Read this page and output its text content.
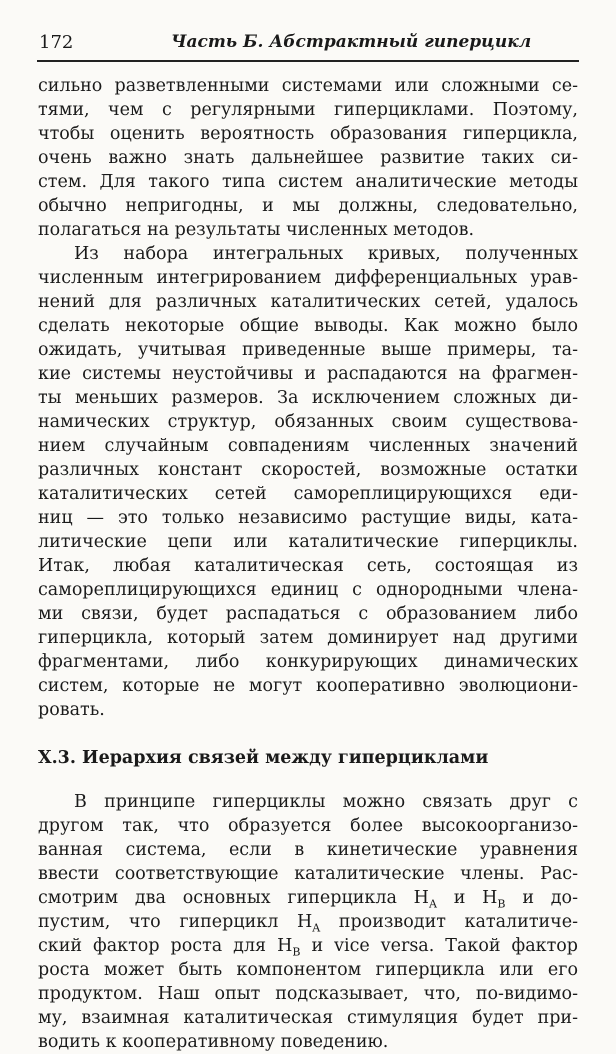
172	Часть Б. Абстрактный гиперцикл
сильно разветвленными системами или сложными се-
тями, чем с регулярными гиперциклами. Поэтому,
чтобы оценить вероятность образования гиперцикла,
очень важно знать дальнейшее развитие таких си-
стем. Для такого типа систем аналитические методы
обычно непригодны, и мы должны, следовательно,
полагаться на результаты численных методов.
Из набора интегральных кривых, полученных
численным интегрированием дифференциальных урав-
нений для различных каталитических сетей, удалось
сделать некоторые общие выводы. Как можно было
ожидать, учитывая приведенные выше примеры, та-
кие системы неустойчивы и распадаются на фрагмен-
ты меньших размеров. За исключением сложных ди-
намических структур, обязанных своим существова-
нием случайным совпадениям численных значений
различных констант скоростей, возможные остатки
каталитических сетей самореплицирующихся еди-
ниц — это только независимо растущие виды, ката-
литические цепи или каталитические гиперциклы.
Итак, любая каталитическая сеть, состоящая из
самореплицирующихся единиц с однородными члена-
ми связи, будет распадаться с образованием либо
гиперцикла, который затем доминирует над другими
фрагментами, либо конкурирующих динамических
систем, которые не могут кооперативно эволюциони-
ровать.
X.3. Иерархия связей между гиперциклами
В принципе гиперциклы можно связать друг с
другом так, что образуется более высокоорганизо-
ванная система, если в кинетические уравнения
ввести соответствующие каталитические члены. Рас-
смотрим два основных гиперцикла $H_A$ и $H_B$ и до-
пустим, что гиперцикл $H_A$ производит каталитиче-
ский фактор роста для $H_B$ и vice versa. Такой фактор
роста может быть компонентом гиперцикла или его
продуктом. Наш опыт подсказывает, что, по-видимо-
му, взаимная каталитическая стимуляция будет при-
водить к кооперативному поведению.
